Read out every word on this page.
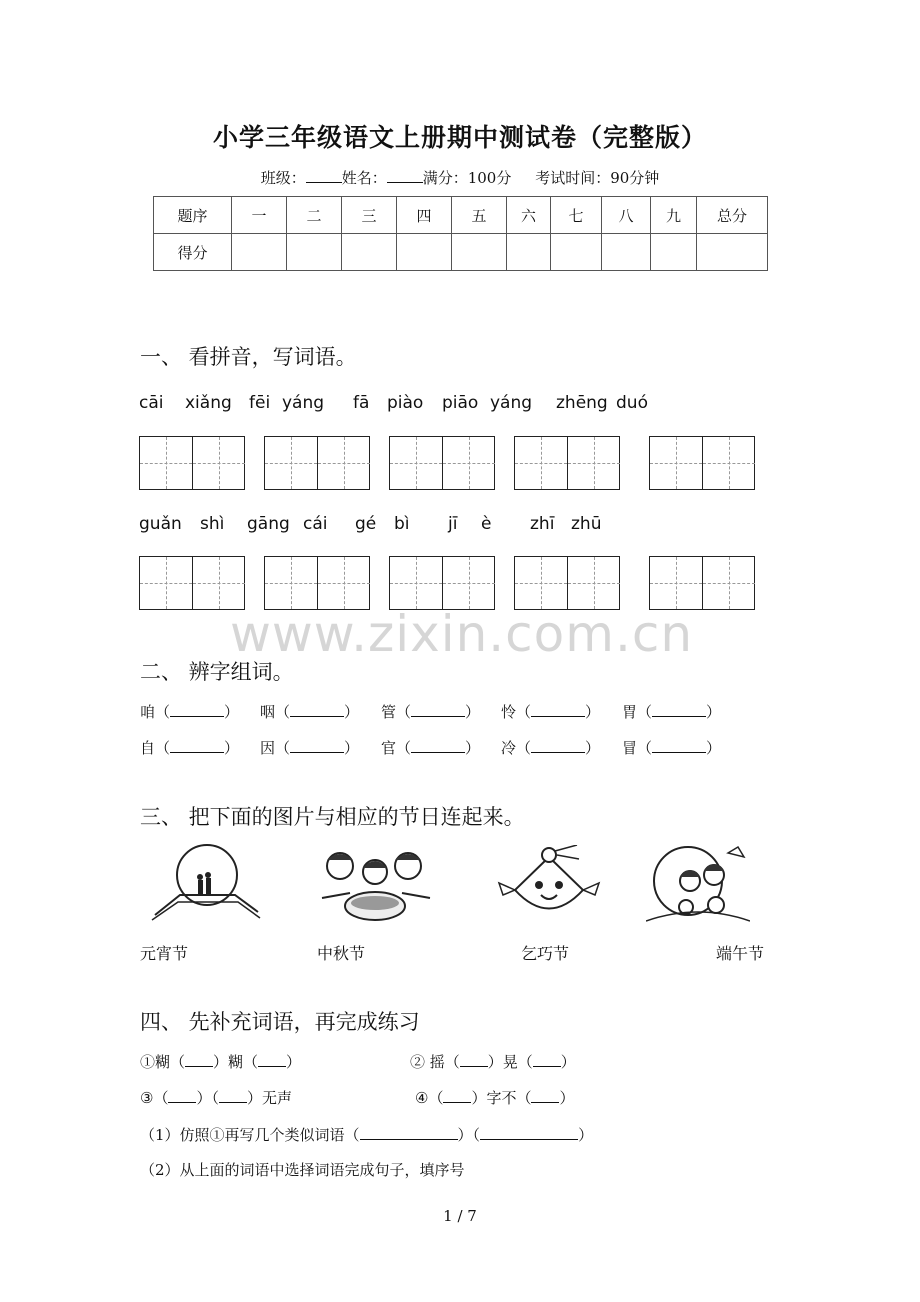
小学三年级语文上册期中测试卷（完整版）
班级： 姓名： 满分：100分 考试时间：90分钟
题序	一	二	三	四	五	六	七	八	九	总分
得分										
一、 看拼音，写词语。
cāi xiǎng fēi yáng fā piào piāo yáng zhēng duó
guǎn shì gāng cái gé bì jī è zhī zhū
www.zixin.com.cn
二、 辨字组词。
咱（	） 咽（	） 管（	） 怜（	） 胃（	）
自（	） 因（	） 官（	） 冷（	） 冒（	）
三、 把下面的图片与相应的节日连起来。
元宵节	中秋节	乞巧节	端午节
四、 先补充词语，再完成练习
①糊（ ）糊（ ）	② 摇（ ）晃（ ）
③（ ）（ ）无声	④（ ）字不（ ）
（1）仿照①再写几个类似词语（	）（	）
（2）从上面的词语中选择词语完成句子，填序号
1 / 7
